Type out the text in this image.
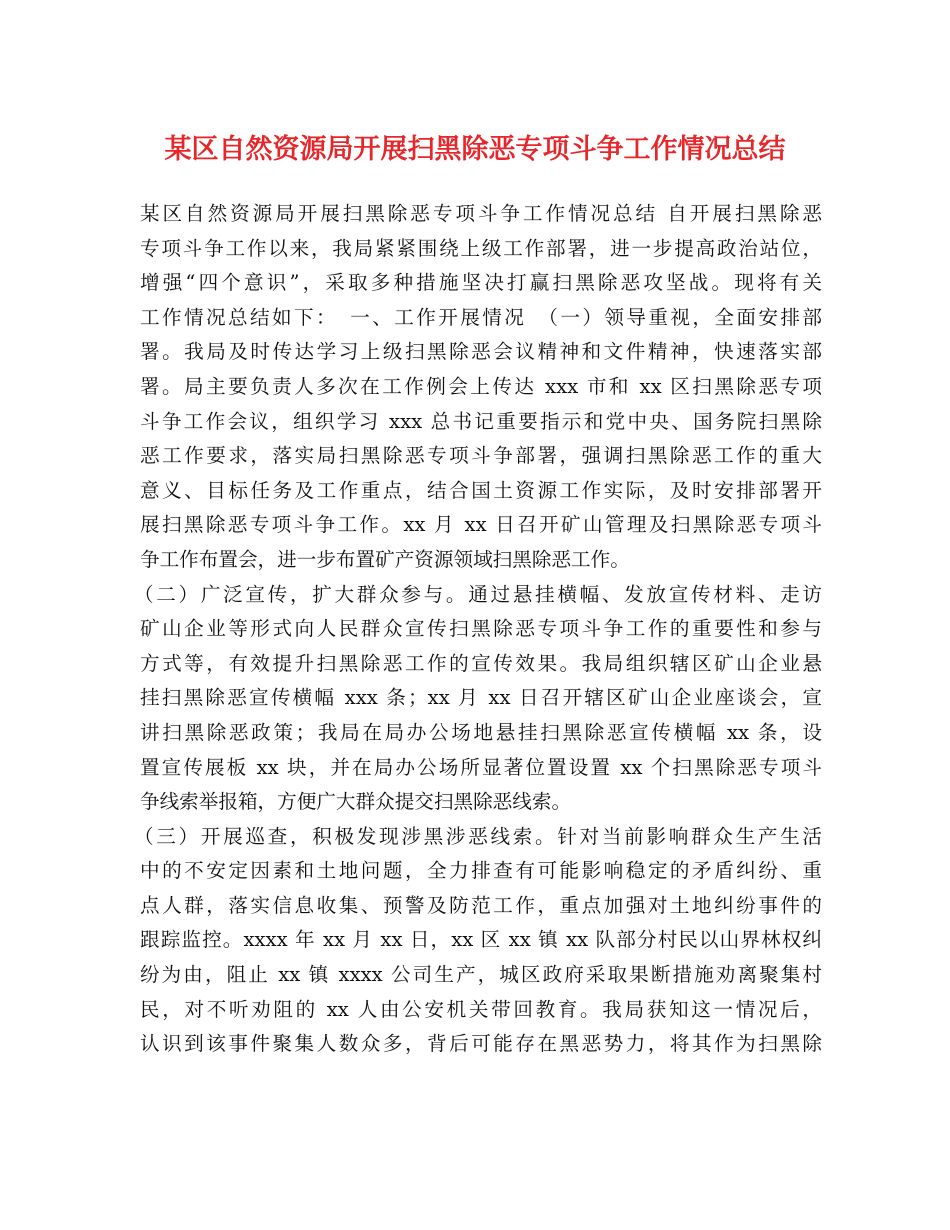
某区自然资源局开展扫黑除恶专项斗争工作情况总结
某区自然资源局开展扫黑除恶专项斗争工作情况总结 自开展扫黑除恶
专项斗争工作以来，我局紧紧围绕上级工作部署，进一步提高政治站位，
增强“四个意识”，采取多种措施坚决打赢扫黑除恶攻坚战。现将有关
工作情况总结如下：　一、工作开展情况　（一）领导重视，全面安排部
署。我局及时传达学习上级扫黑除恶会议精神和文件精神，快速落实部
署。局主要负责人多次在工作例会上传达 xxx 市和 xx 区扫黑除恶专项
斗争工作会议，组织学习 xxx 总书记重要指示和党中央、国务院扫黑除
恶工作要求，落实局扫黑除恶专项斗争部署，强调扫黑除恶工作的重大
意义、目标任务及工作重点，结合国土资源工作实际，及时安排部署开
展扫黑除恶专项斗争工作。xx 月 xx 日召开矿山管理及扫黑除恶专项斗
争工作布置会，进一步布置矿产资源领域扫黑除恶工作。
（二）广泛宣传，扩大群众参与。通过悬挂横幅、发放宣传材料、走访
矿山企业等形式向人民群众宣传扫黑除恶专项斗争工作的重要性和参与
方式等，有效提升扫黑除恶工作的宣传效果。我局组织辖区矿山企业悬
挂扫黑除恶宣传横幅 xxx 条；xx 月 xx 日召开辖区矿山企业座谈会，宣
讲扫黑除恶政策；我局在局办公场地悬挂扫黑除恶宣传横幅 xx 条，设
置宣传展板 xx 块，并在局办公场所显著位置设置 xx 个扫黑除恶专项斗
争线索举报箱，方便广大群众提交扫黑除恶线索。
（三）开展巡查，积极发现涉黑涉恶线索。针对当前影响群众生产生活
中的不安定因素和土地问题，全力排查有可能影响稳定的矛盾纠纷、重
点人群，落实信息收集、预警及防范工作，重点加强对土地纠纷事件的
跟踪监控。xxxx 年 xx 月 xx 日，xx 区 xx 镇 xx 队部分村民以山界林权纠
纷为由，阻止 xx 镇 xxxx 公司生产，城区政府采取果断措施劝离聚集村
民，对不听劝阻的 xx 人由公安机关带回教育。我局获知这一情况后，
认识到该事件聚集人数众多，背后可能存在黑恶势力，将其作为扫黑除
